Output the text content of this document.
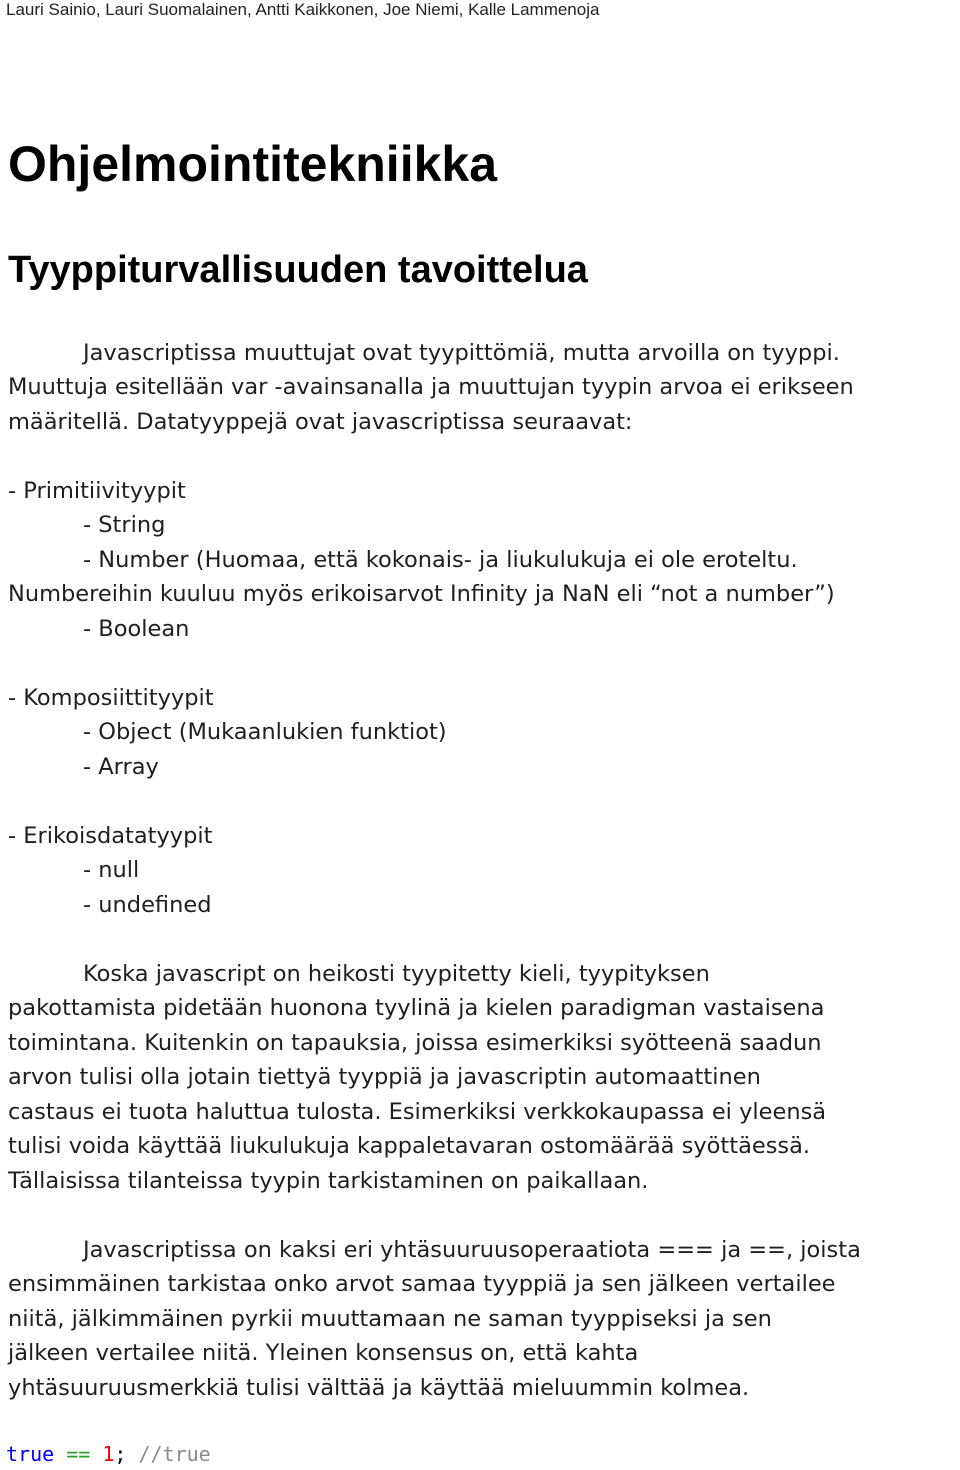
Lauri Sainio, Lauri Suomalainen, Antti Kaikkonen, Joe Niemi, Kalle Lammenoja
Ohjelmointitekniikka
Tyyppiturvallisuuden tavoittelua
Javascriptissa muuttujat ovat tyypittömiä, mutta arvoilla on tyyppi.
Muuttuja esitellään var -avainsanalla ja muuttujan tyypin arvoa ei erikseen
määritellä. Datatyyppejä ovat javascriptissa seuraavat:
- Primitiivityypit
- String
- Number (Huomaa, että kokonais- ja liukulukuja ei ole eroteltu.
Numbereihin kuuluu myös erikoisarvot Infinity ja NaN eli “not a number”)
- Boolean
- Komposiittityypit
- Object (Mukaanlukien funktiot)
- Array
- Erikoisdatatyypit
- null
- undefined
Koska javascript on heikosti tyypitetty kieli, tyypityksen
pakottamista pidetään huonona tyylinä ja kielen paradigman vastaisena
toimintana. Kuitenkin on tapauksia, joissa esimerkiksi syötteenä saadun
arvon tulisi olla jotain tiettyä tyyppiä ja javascriptin automaattinen
castaus ei tuota haluttua tulosta. Esimerkiksi verkkokaupassa ei yleensä
tulisi voida käyttää liukulukuja kappaletavaran ostomäärää syöttäessä.
Tällaisissa tilanteissa tyypin tarkistaminen on paikallaan.
Javascriptissa on kaksi eri yhtäsuuruusoperaatiota === ja ==, joista
ensimmäinen tarkistaa onko arvot samaa tyyppiä ja sen jälkeen vertailee
niitä, jälkimmäinen pyrkii muuttamaan ne saman tyyppiseksi ja sen
jälkeen vertailee niitä. Yleinen konsensus on, että kahta
yhtäsuuruusmerkkiä tulisi välttää ja käyttää mieluummin kolmea.
true == 1; //true
